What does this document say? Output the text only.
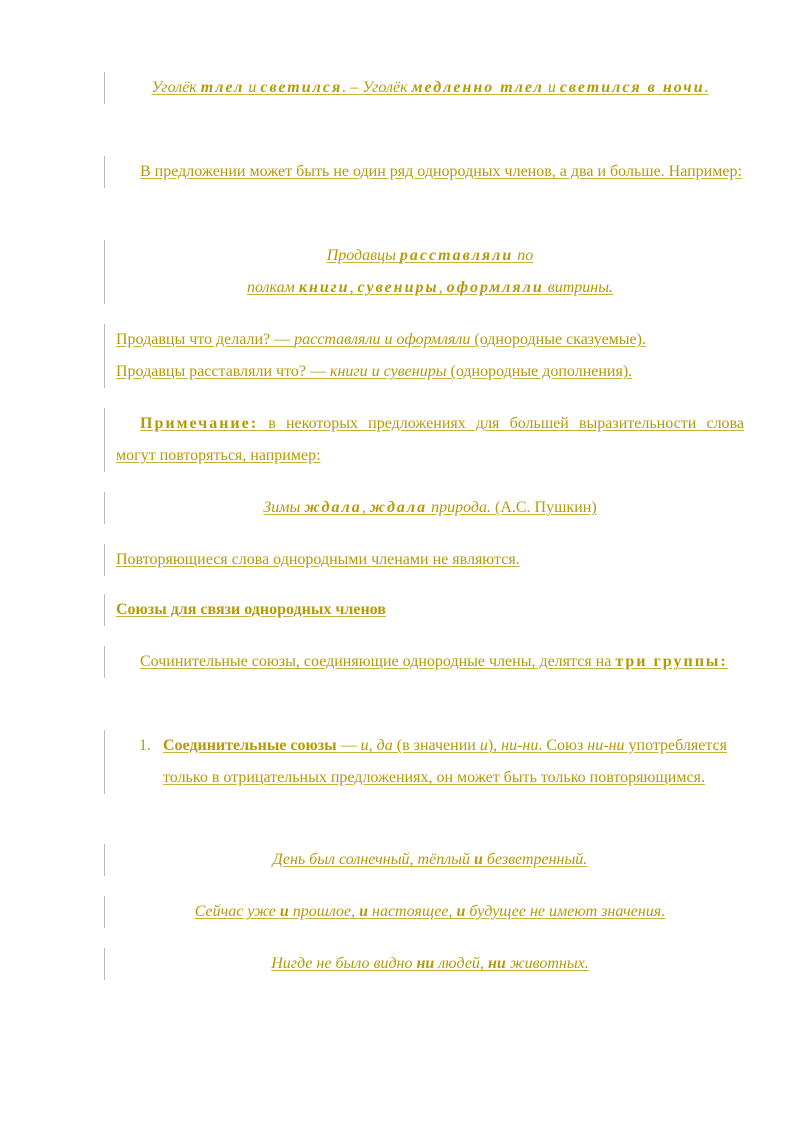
Уголёк тлел и светился. – Уголёк медленно тлел и светился в ночи.
В предложении может быть не один ряд однородных членов, а два и больше. Например:
Продавцы расставляли по
полкам книги, сувениры, оформляли витрины.
Продавцы что делали? — расставляли и оформляли (однородные сказуемые).
Продавцы расставляли что? — книги и сувениры (однородные дополнения).
Примечание: в некоторых предложениях для большей выразительности слова могут повторяться, например:
Зимы ждала, ждала природа. (А.С. Пушкин)
Повторяющиеся слова однородными членами не являются.
Союзы для связи однородных членов
Сочинительные союзы, соединяющие однородные члены, делятся на три группы:
1. Соединительные союзы — и, да (в значении и), ни-ни. Союз ни-ни употребляется только в отрицательных предложениях, он может быть только повторяющимся.
День был солнечный, тёплый и безветренный.
Сейчас уже и прошлое, и настоящее, и будущее не имеют значения.
Нигде не было видно ни людей, ни животных.
